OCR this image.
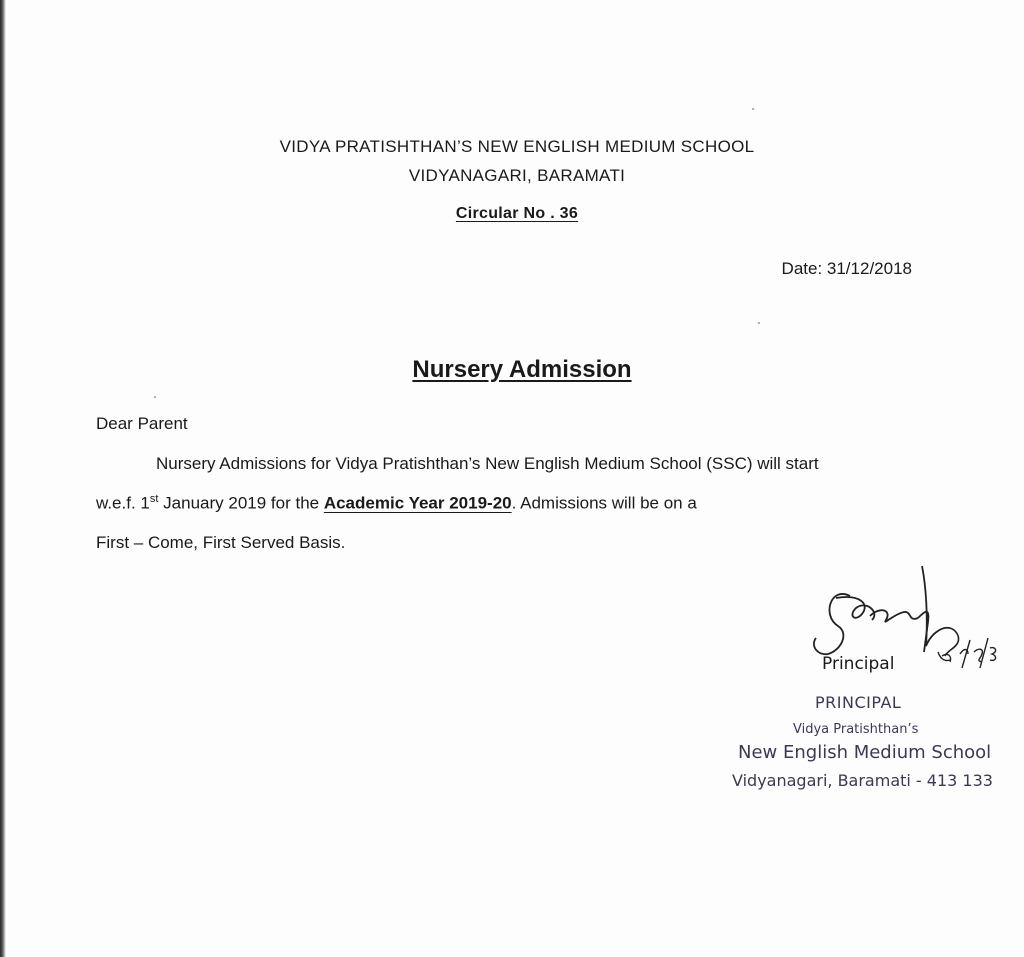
VIDYA PRATISHTHAN’S NEW ENGLISH MEDIUM SCHOOL
VIDYANAGARI, BARAMATI
Circular No . 36
Date: 31/12/2018
Nursery Admission
Dear Parent
Nursery Admissions for Vidya Pratishthan’s New English Medium School (SSC) will start
w.e.f. 1st January 2019 for the Academic Year 2019-20. Admissions will be on a
First – Come, First Served Basis.
Principal
PRINCIPAL
Vidya Pratishthan’s
New English Medium School
Vidyanagari, Baramati - 413 133
